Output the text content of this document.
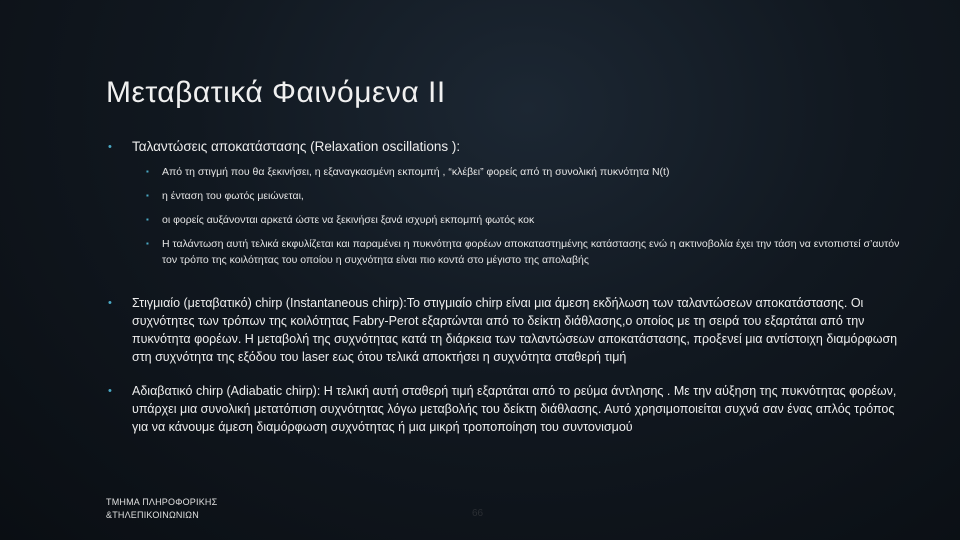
Μεταβατικά Φαινόμενα ΙΙ
• Ταλαντώσεις αποκατάστασης (Relaxation oscillations ):
▪ Από τη στιγμή που θα ξεκινήσει, η εξαναγκασμένη εκπομπή , “κλέβει” φορείς από τη συνολική πυκνότητα N(t)
▪ η ένταση του φωτός μειώνεται,
▪ οι φορείς αυξάνονται αρκετά ώστε να ξεκινήσει ξανά ισχυρή εκπομπή φωτός κοκ
▪ Η ταλάντωση αυτή τελικά εκφυλίζεται και παραμένει η πυκνότητα φορέων αποκαταστημένης κατάστασης ενώ η ακτινοβολία έχει την τάση να εντοπιστεί σ’αυτόν τον τρόπο της κοιλότητας του οποίου η συχνότητα είναι πιο κοντά στο μέγιστο της απολαβής
• Στιγμιαίο (μεταβατικό) chirp (Instantaneous chirp):Το στιγμιαίο chirp είναι μια άμεση εκδήλωση των ταλαντώσεων αποκατάστασης. Οι συχνότητες των τρόπων της κοιλότητας Fabry-Perot εξαρτώνται από το δείκτη διάθλασης,ο οποίος με τη σειρά του εξαρτάται από την πυκνότητα φορέων. Η μεταβολή της συχνότητας κατά τη διάρκεια των ταλαντώσεων αποκατάστασης, προξενεί μια αντίστοιχη διαμόρφωση στη συχνότητα της εξόδου του laser εως ότου τελικά αποκτήσει η συχνότητα σταθερή τιμή
• Αδιαβατικό chirp (Adiabatic chirp): Η τελική αυτή σταθερή τιμή εξαρτάται από το ρεύμα άντλησης . Με την αύξηση της πυκνότητας φορέων, υπάρχει μια συνολική μετατόπιση συχνότητας λόγω μεταβολής του δείκτη διάθλασης. Αυτό χρησιμοποιείται συχνά σαν ένας απλός τρόπος για να κάνουμε άμεση διαμόρφωση συχνότητας ή μια μικρή τροποποίηση του συντονισμού
ΤΜΗΜΑ ΠΛΗΡΟΦΟΡΙΚΗΣ
&ΤΗΛΕΠΙΚΟΙΝΩΝΙΩΝ	66
